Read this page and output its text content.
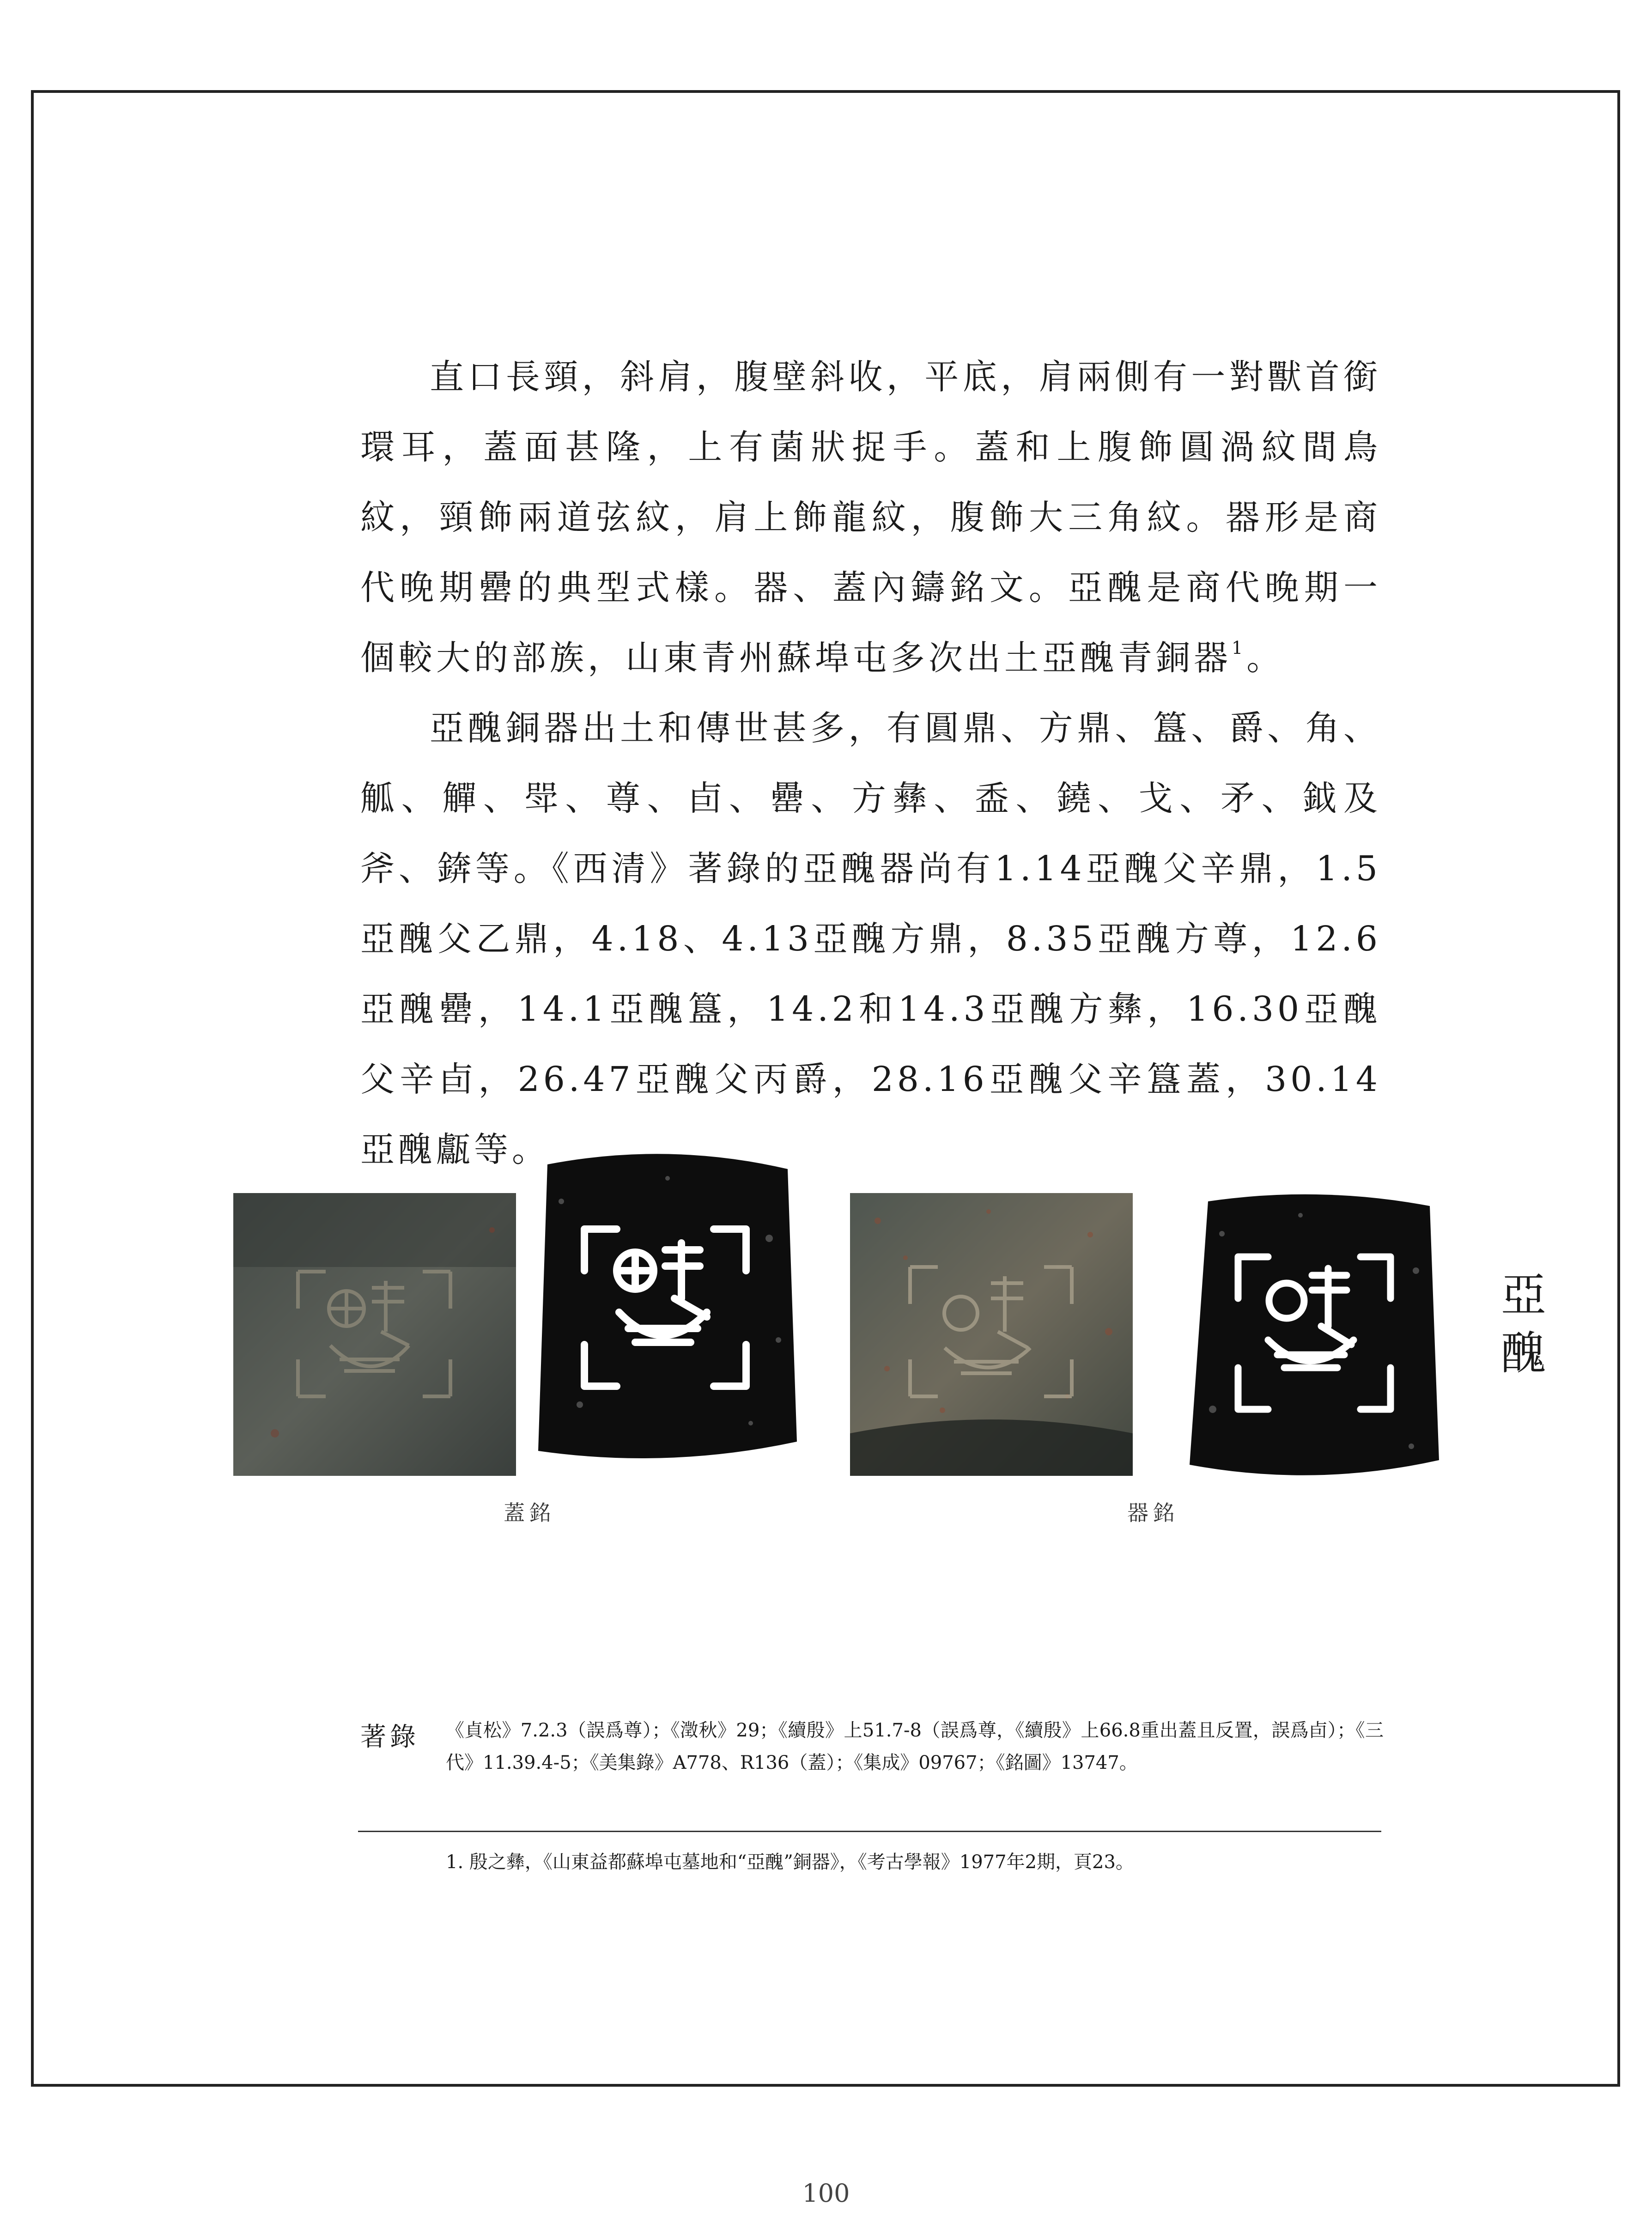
直口長頸，斜肩，腹壁斜收，平底，肩兩側有一對獸首銜環耳，蓋面甚隆，上有菌狀捉手。蓋和上腹飾圓渦紋間鳥紋，頸飾兩道弦紋，肩上飾龍紋，腹飾大三角紋。器形是商代晚期罍的典型式樣。器、蓋內鑄銘文。亞醜是商代晚期一個較大的部族，山東青州蘇埠屯多次出土亞醜青銅器$^1$。

亞醜銅器出土和傳世甚多，有圓鼎、方鼎、簋、爵、角、觚、觶、斝、尊、卣、罍、方彝、盉、鐃、戈、矛、鉞及斧、錛等。《西清》著錄的亞醜器尚有1.14亞醜父辛鼎，1.5亞醜父乙鼎，4.18、4.13亞醜方鼎，8.35亞醜方尊，12.6亞醜罍，14.1亞醜簋，14.2和14.3亞醜方彝，16.30亞醜父辛卣，26.47亞醜父丙爵，28.16亞醜父辛簋蓋，30.14亞醜甗等。

蓋銘	器銘
亞
醜
著錄 《貞松》7.2.3（誤爲尊）；《澂秋》29；《續殷》上51.7-8（誤爲尊，《續殷》上66.8重出蓋且反置，誤爲卣）；《三代》11.39.4-5；《美集錄》A778、R136（蓋）；《集成》09767；《銘圖》13747。
1. 殷之彝，《山東益都蘇埠屯墓地和“亞醜”銅器》，《考古學報》1977年2期，頁23。
100
